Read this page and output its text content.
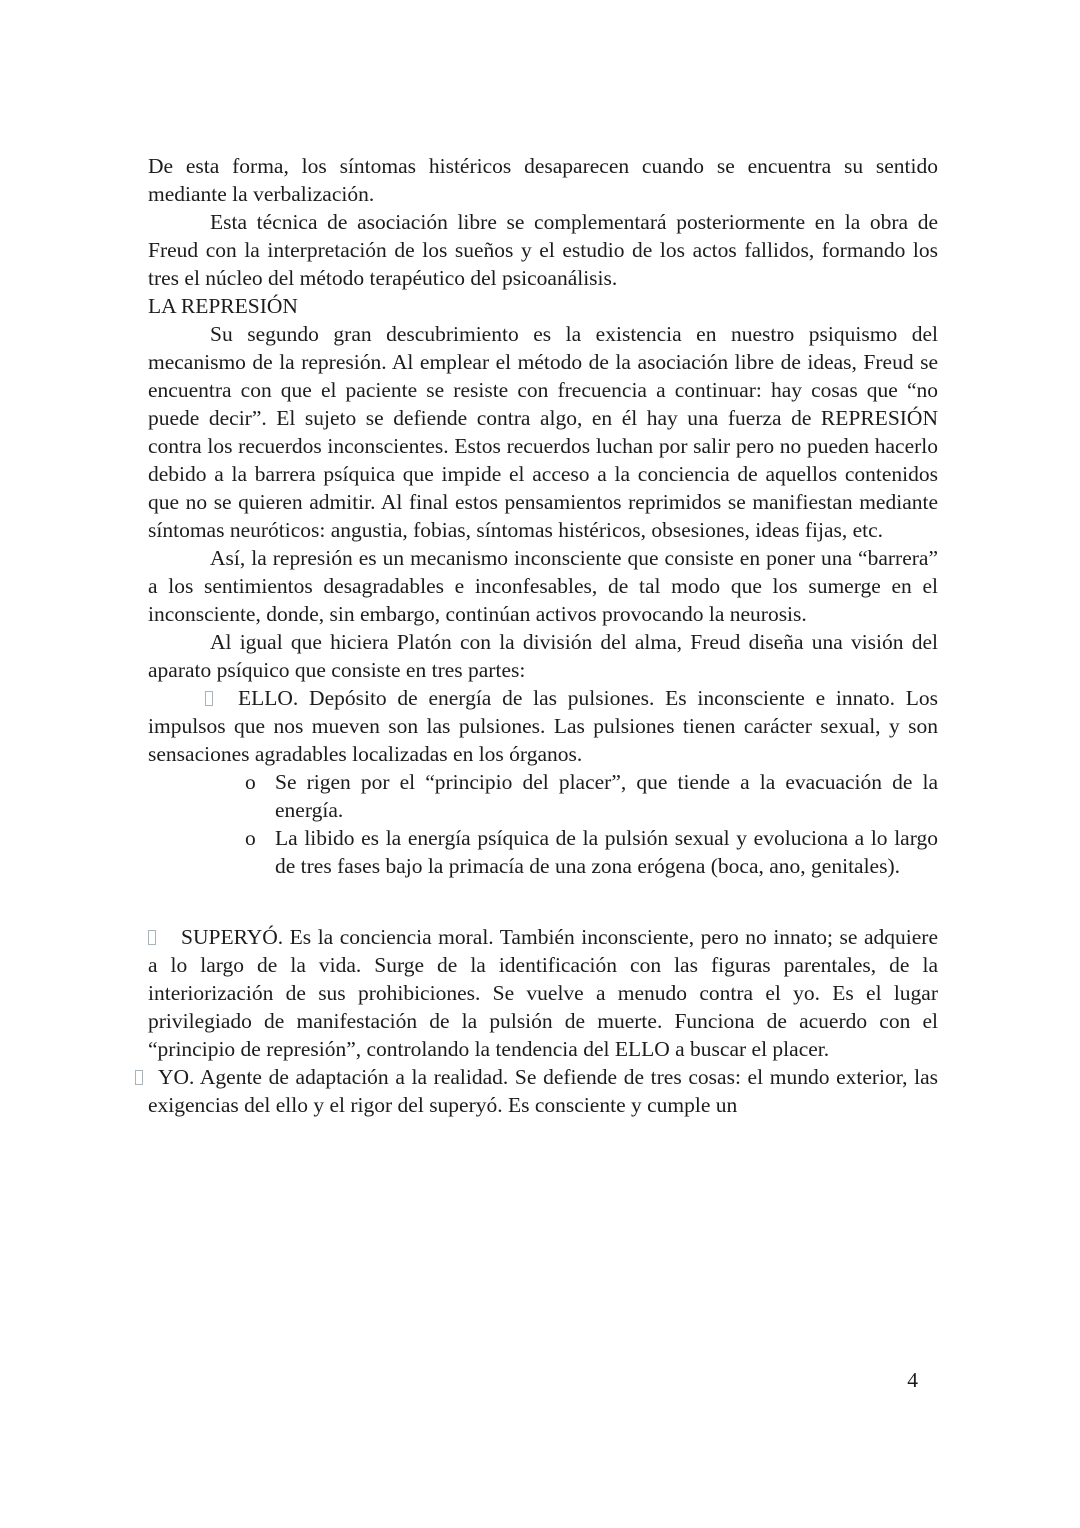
De esta forma, los síntomas histéricos desaparecen cuando se encuentra su sentido mediante la verbalización.

Esta técnica de asociación libre se complementará posteriormente en la obra de Freud con la interpretación de los sueños y el estudio de los actos fallidos, formando los tres el núcleo del método terapéutico del psicoanálisis.

LA REPRESIÓN

Su segundo gran descubrimiento es la existencia en nuestro psiquismo del mecanismo de la represión. Al emplear el método de la asociación libre de ideas, Freud se encuentra con que el paciente se resiste con frecuencia a continuar: hay cosas que “no puede decir”. El sujeto se defiende contra algo, en él hay una fuerza de REPRESIÓN contra los recuerdos inconscientes. Estos recuerdos luchan por salir pero no pueden hacerlo debido a la barrera psíquica que impide el acceso a la conciencia de aquellos contenidos que no se quieren admitir. Al final estos pensamientos reprimidos se manifiestan mediante síntomas neuróticos: angustia, fobias, síntomas histéricos, obsesiones, ideas fijas, etc.

Así, la represión es un mecanismo inconsciente que consiste en poner una “barrera” a los sentimientos desagradables e inconfesables, de tal modo que los sumerge en el inconsciente, donde, sin embargo, continúan activos provocando la neurosis.

Al igual que hiciera Platón con la división del alma, Freud diseña una visión del aparato psíquico que consiste en tres partes:

ELLO. Depósito de energía de las pulsiones. Es inconsciente e innato. Los impulsos que nos mueven son las pulsiones. Las pulsiones tienen carácter sexual, y son sensaciones agradables localizadas en los órganos.

o Se rigen por el “principio del placer”, que tiende a la evacuación de la energía.

o La libido es la energía psíquica de la pulsión sexual y evoluciona a lo largo de tres fases bajo la primacía de una zona erógena (boca, ano, genitales).

SUPERYÓ. Es la conciencia moral. También inconsciente, pero no innato; se adquiere a lo largo de la vida. Surge de la identificación con las figuras parentales, de la interiorización de sus prohibiciones. Se vuelve a menudo contra el yo. Es el lugar privilegiado de manifestación de la pulsión de muerte. Funciona de acuerdo con el “principio de represión”, controlando la tendencia del ELLO a buscar el placer.

YO. Agente de adaptación a la realidad. Se defiende de tres cosas: el mundo exterior, las exigencias del ello y el rigor del superyó. Es consciente y cumple un

4
